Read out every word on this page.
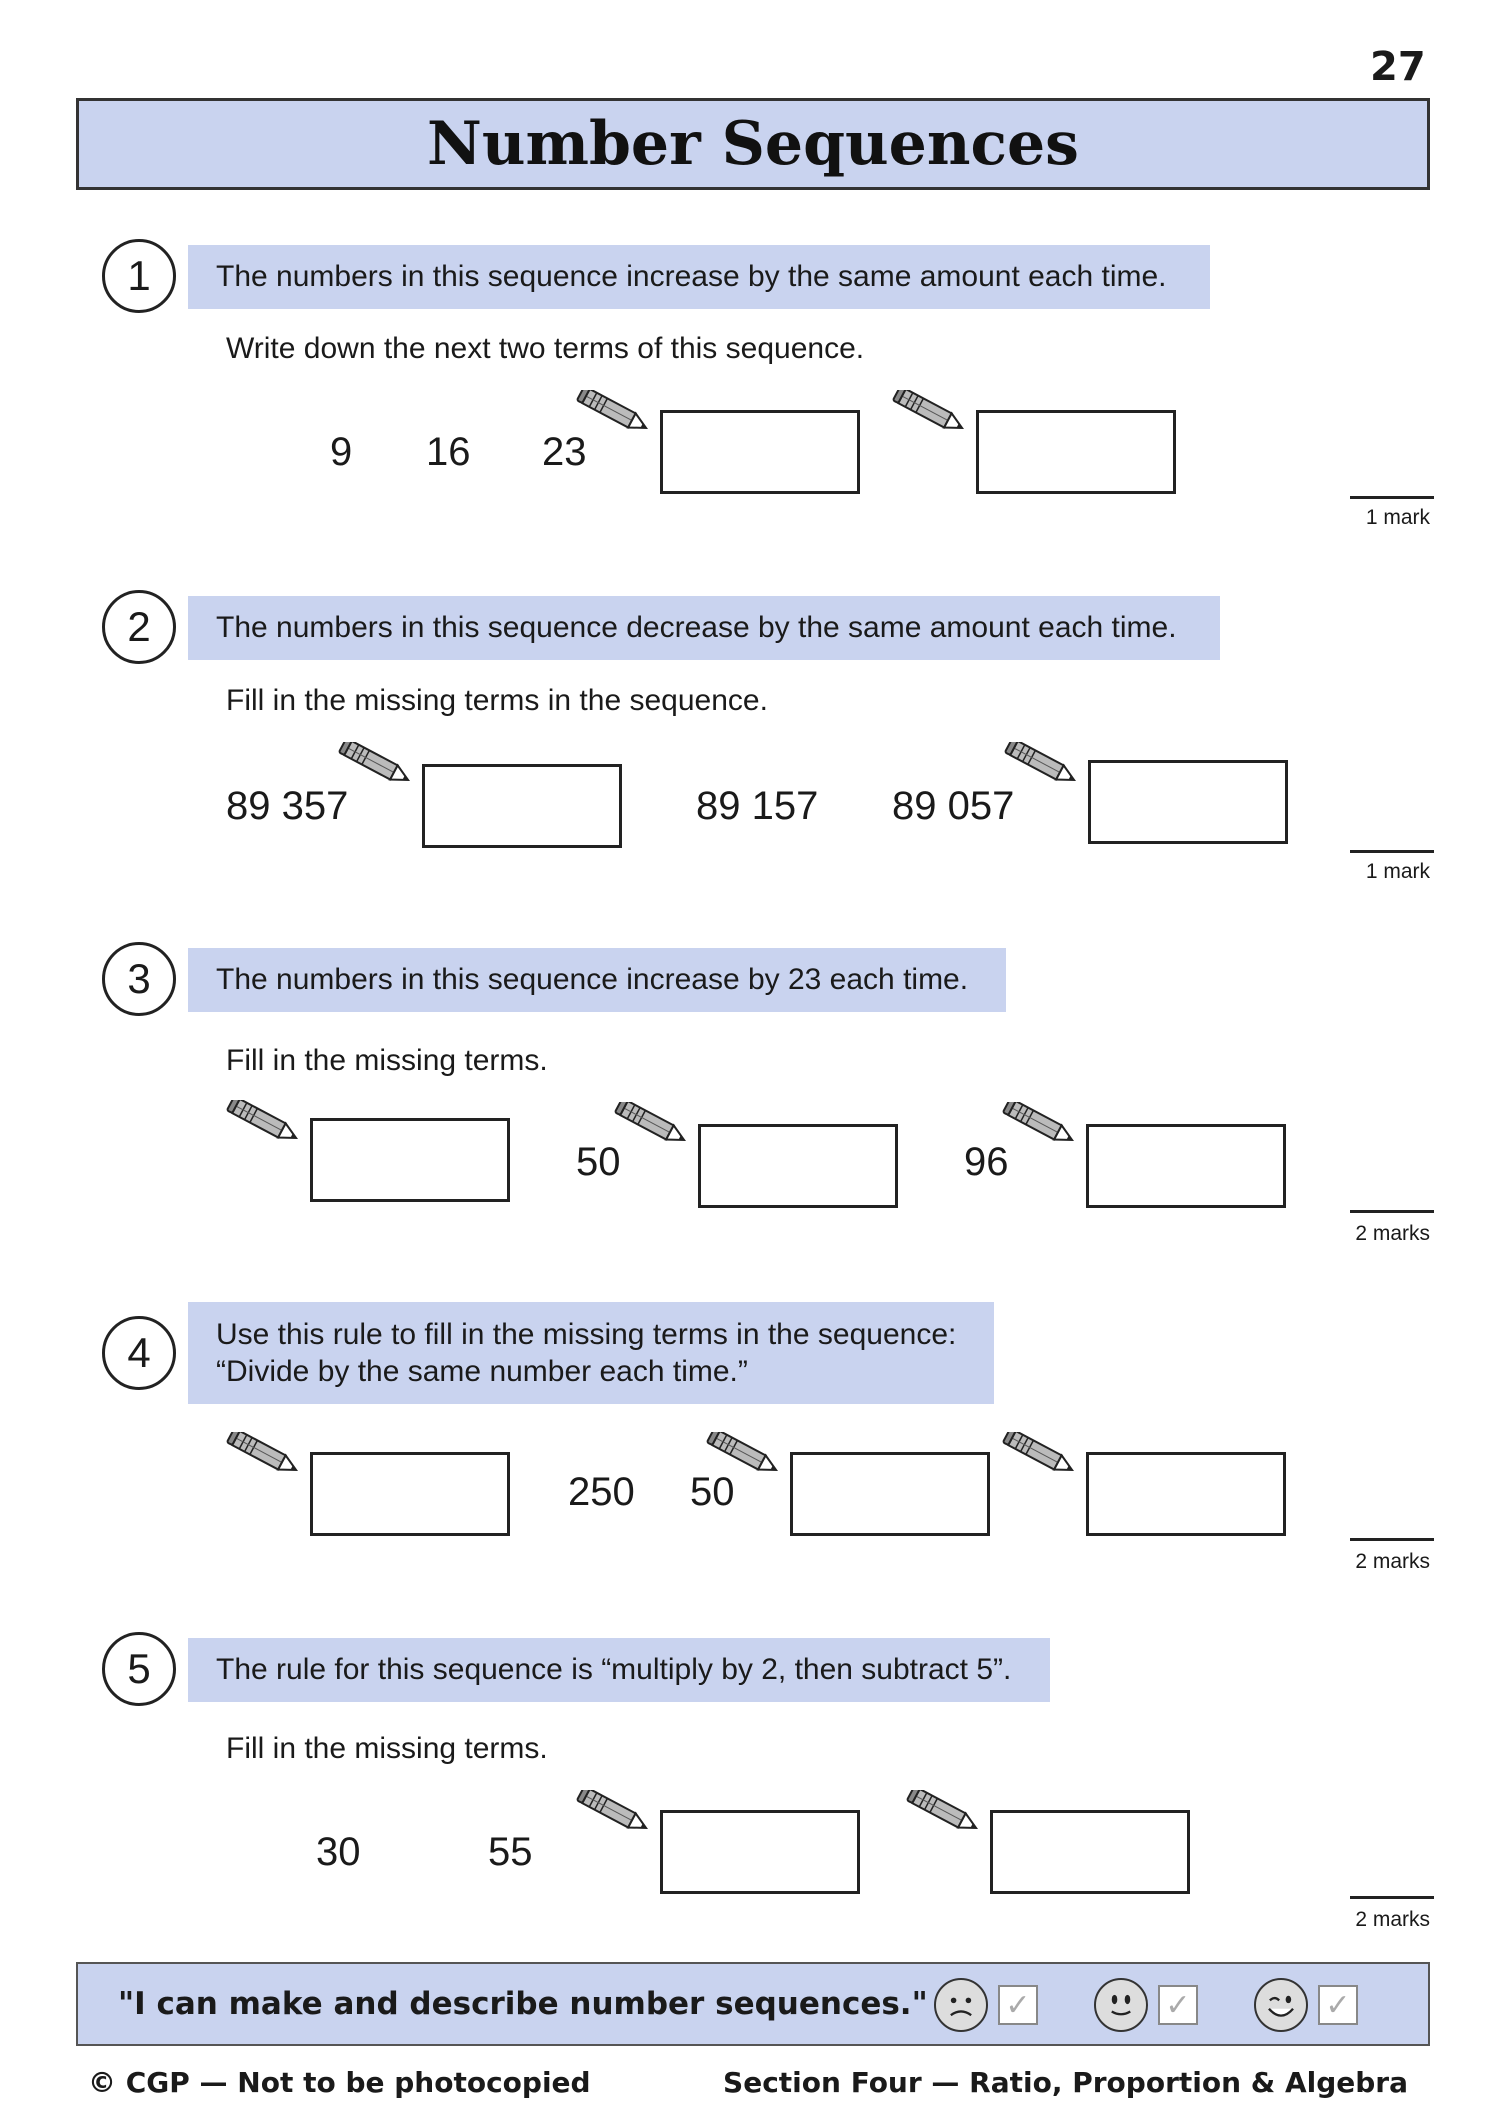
27
Number Sequences
1	The numbers in this sequence increase by the same amount each time.
Write down the next two terms of this sequence.
9 16 23
1 mark
2	The numbers in this sequence decrease by the same amount each time.
Fill in the missing terms in the sequence.
89 357	89 157 89 057
1 mark
3	The numbers in this sequence increase by 23 each time.
Fill in the missing terms.
50	96
2 marks
4	Use this rule to fill in the missing terms in the sequence:
“Divide by the same number each time.”
250 50
2 marks
5	The rule for this sequence is “multiply by 2, then subtract 5”.
Fill in the missing terms.
30	55
2 marks
"I can make and describe number sequences."	✓	✓	✓
© CGP — Not to be photocopied	Section Four — Ratio, Proportion & Algebra
